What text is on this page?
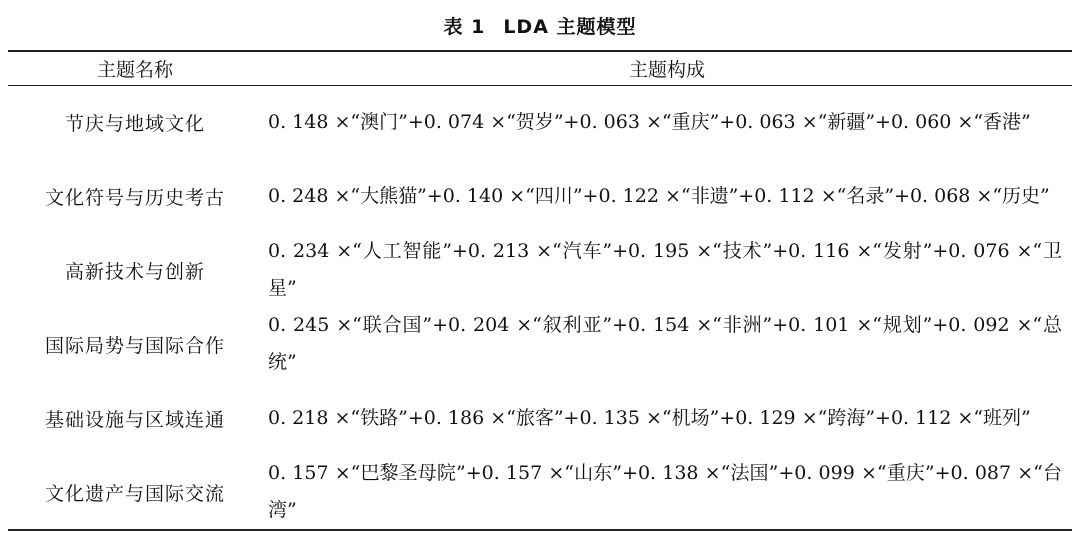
表 1 LDA 主题模型
主题名称	主题构成
节庆与地域文化	0. 148 ×“澳门”+0. 074 ×“贺岁”+0. 063 ×“重庆”+0. 063 ×“新疆”+0. 060 ×“香港”
文化符号与历史考古	0. 248 ×“大熊猫”+0. 140 ×“四川”+0. 122 ×“非遗”+0. 112 ×“名录”+0. 068 ×“历史”
高新技术与创新	0. 234 ×“人工智能”+0. 213 ×“汽车”+0. 195 ×“技术”+0. 116 ×“发射”+0. 076 ×“卫星”
国际局势与国际合作	0. 245 ×“联合国”+0. 204 ×“叙利亚”+0. 154 ×“非洲”+0. 101 ×“规划”+0. 092 ×“总统”
基础设施与区域连通	0. 218 ×“铁路”+0. 186 ×“旅客”+0. 135 ×“机场”+0. 129 ×“跨海”+0. 112 ×“班列”
文化遗产与国际交流	0. 157 ×“巴黎圣母院”+0. 157 ×“山东”+0. 138 ×“法国”+0. 099 ×“重庆”+0. 087 ×“台湾”
